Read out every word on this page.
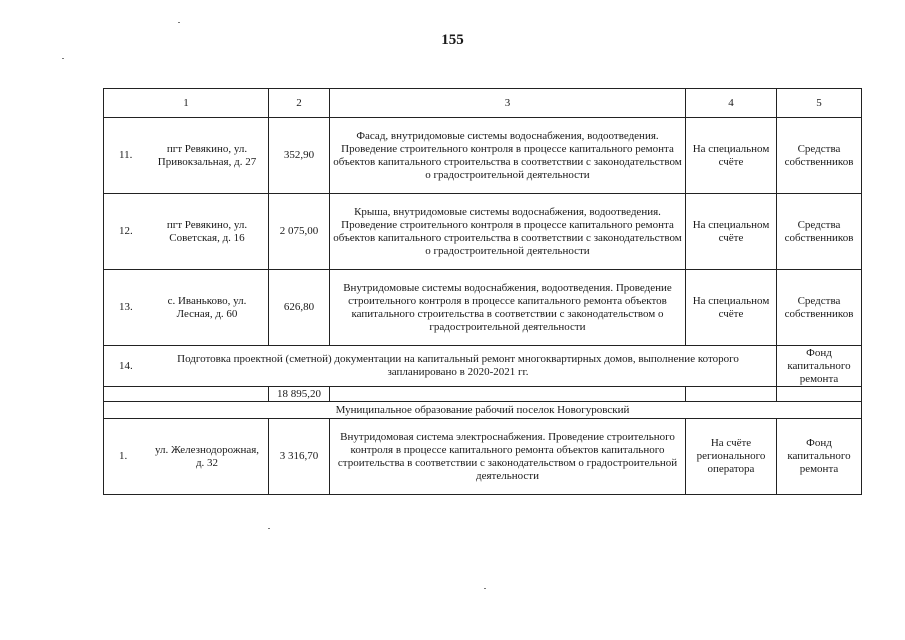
155
1	2	3	4	5
11.пгт Ревякино, ул. Привокзальная, д. 27	352,90	Фасад, внутридомовые системы водоснабжения, водоотведения. Проведение строительного контроля в процессе капитального ремонта объектов капитального строительства в соответствии с законодательством о градостроительной деятельности	На специальном счёте	Средства собственников
12.пгт Ревякино, ул. Советская, д. 16	2 075,00	Крыша, внутридомовые системы водоснабжения, водоотведения. Проведение строительного контроля в процессе капитального ремонта объектов капитального строительства в соответствии с законодательством о градостроительной деятельности	На специальном счёте	Средства собственников
13.с. Иваньково, ул. Лесная, д. 60	626,80	Внутридомовые системы водоснабжения, водоотведения. Проведение строительного контроля в процессе капитального ремонта объектов капитального строительства в соответствии с законодательством о градостроительной деятельности	На специальном счёте	Средства собственников
14.Подготовка проектной (сметной) документации на капитальный ремонт многоквартирных домов, выполнение которого запланировано в 2020-2021 гг.				Фонд капитального ремонта
	18 895,20			
Муниципальное образование рабочий поселок Новогуровский				
1.ул. Железнодорожная, д. 32	3 316,70	Внутридомовая система электроснабжения. Проведение строительного контроля в процессе капитального ремонта объектов капитального строительства в соответствии с законодательством о градостроительной деятельности	На счёте регионального оператора	Фонд капитального ремонта
